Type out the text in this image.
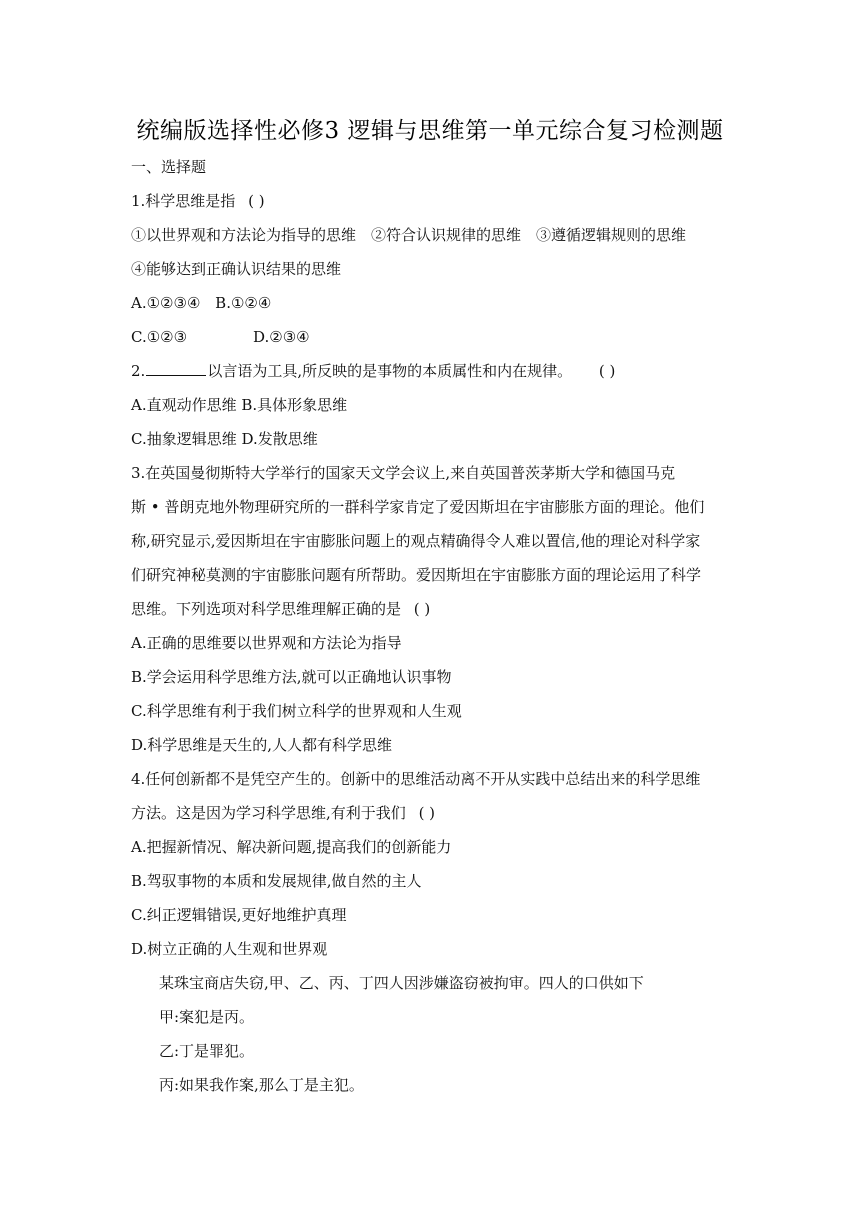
统编版选择性必修3 逻辑与思维第一单元综合复习检测题
一、选择题
1.科学思维是指 ( )
①以世界观和方法论为指导的思维　②符合认识规律的思维　③遵循逻辑规则的思维
④能够达到正确认识结果的思维
A.①②③④ B.①②④
C.①②③	D.②③④
2.	以言语为工具,所反映的是事物的本质属性和内在规律。 ( )
A.直观动作思维 B.具体形象思维
C.抽象逻辑思维 D.发散思维
3.在英国曼彻斯特大学举行的国家天文学会议上,来自英国普茨茅斯大学和德国马克
斯 • 普朗克地外物理研究所的一群科学家肯定了爱因斯坦在宇宙膨胀方面的理论。他们
称,研究显示,爱因斯坦在宇宙膨胀问题上的观点精确得令人难以置信,他的理论对科学家
们研究神秘莫测的宇宙膨胀问题有所帮助。爱因斯坦在宇宙膨胀方面的理论运用了科学
思维。下列选项对科学思维理解正确的是 ( )
A.正确的思维要以世界观和方法论为指导
B.学会运用科学思维方法,就可以正确地认识事物
C.科学思维有利于我们树立科学的世界观和人生观
D.科学思维是天生的,人人都有科学思维
4.任何创新都不是凭空产生的。创新中的思维活动离不开从实践中总结出来的科学思维
方法。这是因为学习科学思维,有利于我们 ( )
A.把握新情况、解决新问题,提高我们的创新能力
B.驾驭事物的本质和发展规律,做自然的主人
C.纠正逻辑错误,更好地维护真理
D.树立正确的人生观和世界观
某珠宝商店失窃,甲、乙、丙、丁四人因涉嫌盗窃被拘审。四人的口供如下
甲:案犯是丙。
乙:丁是罪犯。
丙:如果我作案,那么丁是主犯。
